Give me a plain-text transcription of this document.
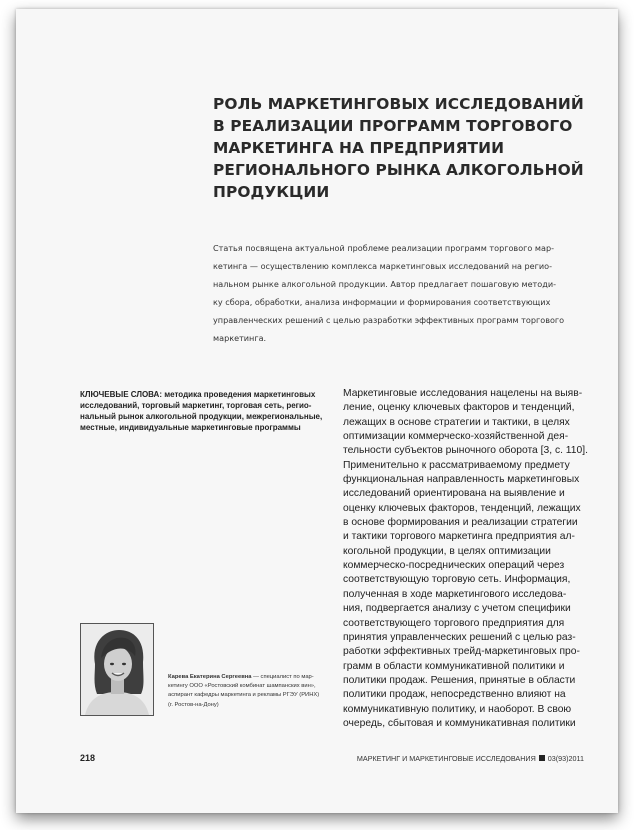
РОЛЬ МАРКЕТИНГОВЫХ ИССЛЕДОВАНИЙ
В РЕАЛИЗАЦИИ ПРОГРАММ ТОРГОВОГО
МАРКЕТИНГА НА ПРЕДПРИЯТИИ
РЕГИОНАЛЬНОГО РЫНКА АЛКОГОЛЬНОЙ
ПРОДУКЦИИ
Статья посвящена актуальной проблеме реализации программ торгового мар-
кетинга — осуществлению комплекса маркетинговых исследований на регио-
нальном рынке алкогольной продукции. Автор предлагает пошаговую методи-
ку сбора, обработки, анализа информации и формирования соответствующих
управленческих решений с целью разработки эффективных программ торгового
маркетинга.
КЛЮЧЕВЫЕ СЛОВА: методика проведения маркетинговых
исследований, торговый маркетинг, торговая сеть, регио-
нальный рынок алкогольной продукции, межрегиональные,
местные, индивидуальные маркетинговые программы
Маркетинговые исследования нацелены на выяв-
ление, оценку ключевых факторов и тенденций,
лежащих в основе стратегии и тактики, в целях
оптимизации коммерческо-хозяйственной дея-
тельности субъектов рыночного оборота [3, с. 110].
Применительно к рассматриваемому предмету
функциональная направленность маркетинговых
исследований ориентирована на выявление и
оценку ключевых факторов, тенденций, лежащих
в основе формирования и реализации стратегии
и тактики торгового маркетинга предприятия ал-
когольной продукции, в целях оптимизации
коммерческо-посреднических операций через
соответствующую торговую сеть. Информация,
полученная в ходе маркетингового исследова-
ния, подвергается анализу с учетом специфики
соответствующего торгового предприятия для
принятия управленческих решений с целью раз-
работки эффективных трейд-маркетинговых про-
грамм в области коммуникативной политики и
политики продаж. Решения, принятые в области
политики продаж, непосредственно влияют на
коммуникативную политику, и наоборот. В свою
очередь, сбытовая и коммуникативная политики
Карева Екатерина Сергеевна — специалист по мар-
кетингу ООО «Ростовский комбинат шампанских вин»,
аспирант кафедры маркетинга и рекламы РГЭУ (РИНХ)
(г. Ростов-на-Дону)
218	МАРКЕТИНГ И МАРКЕТИНГОВЫЕ ИССЛЕДОВАНИЯ 03(93)2011
